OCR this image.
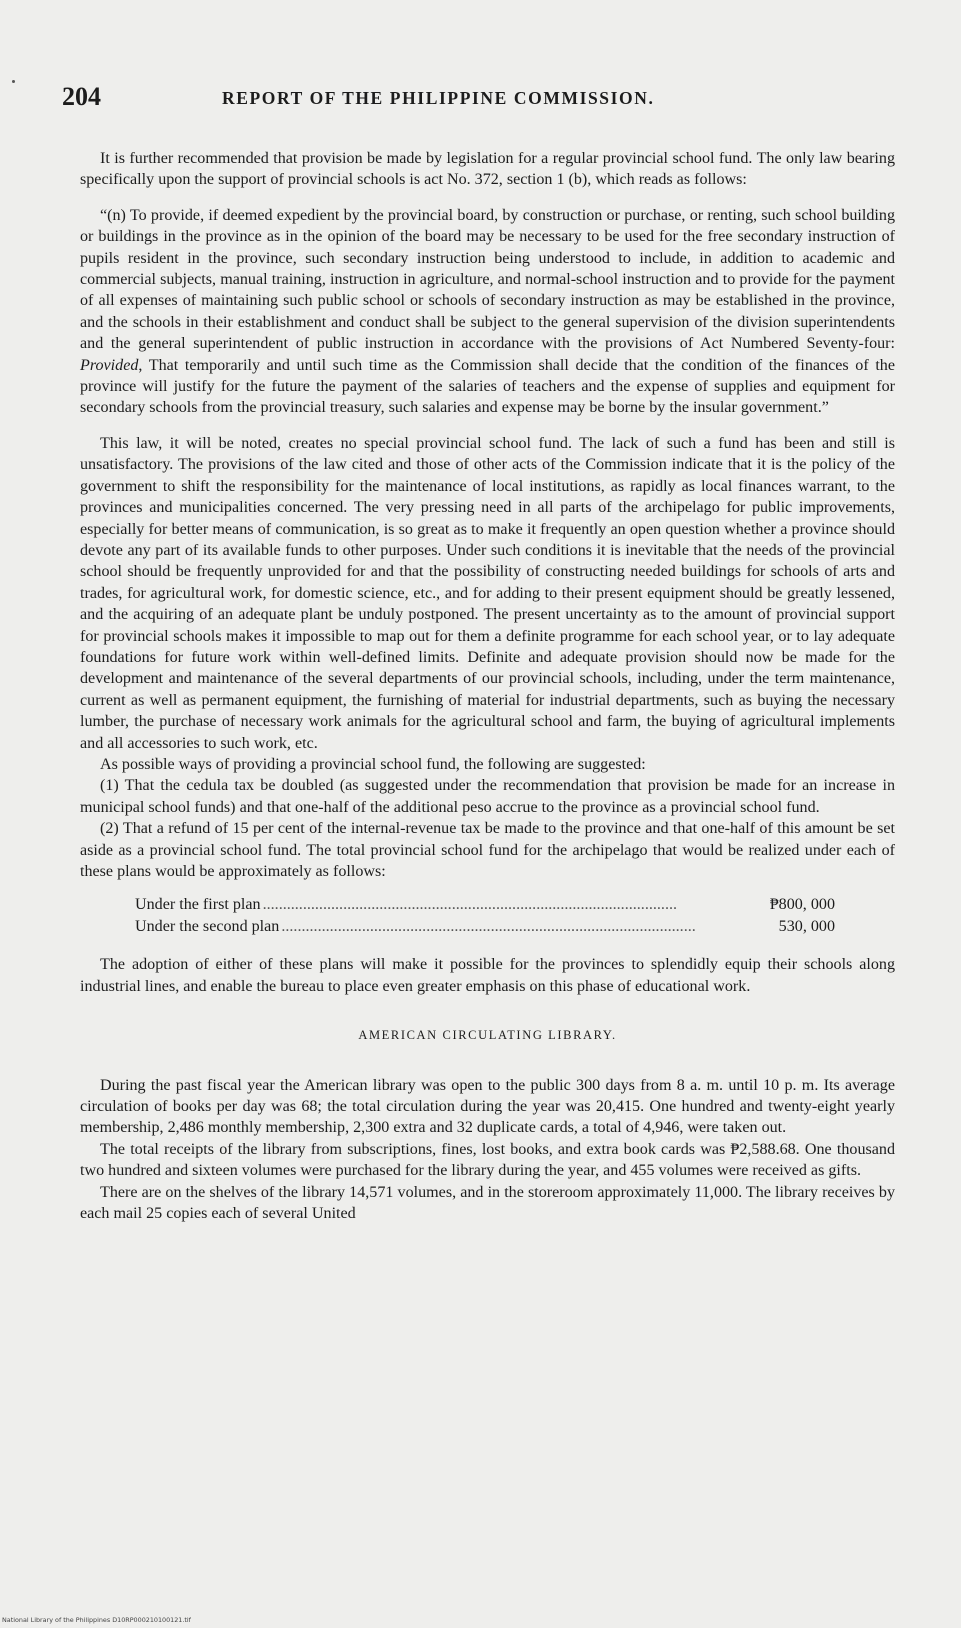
204	REPORT OF THE PHILIPPINE COMMISSION.

It is further recommended that provision be made by legislation for a regular provincial school fund. The only law bearing specifically upon the support of provincial schools is act No. 372, section 1 (b), which reads as follows:

“(n) To provide, if deemed expedient by the provincial board, by construction or purchase, or renting, such school building or buildings in the province as in the opinion of the board may be necessary to be used for the free secondary instruction of pupils resident in the province, such secondary instruction being understood to include, in addition to academic and commercial subjects, manual training, instruction in agriculture, and normal-school instruction and to provide for the payment of all expenses of maintaining such public school or schools of secondary instruction as may be established in the province, and the schools in their establishment and conduct shall be subject to the general supervision of the division superintendents and the general superintendent of public instruction in accordance with the provisions of Act Numbered Seventy-four: Provided, That temporarily and until such time as the Commission shall decide that the condition of the finances of the province will justify for the future the payment of the salaries of teachers and the expense of supplies and equipment for secondary schools from the provincial treasury, such salaries and expense may be borne by the insular government.”

This law, it will be noted, creates no special provincial school fund. The lack of such a fund has been and still is unsatisfactory. The provisions of the law cited and those of other acts of the Commission indicate that it is the policy of the government to shift the responsibility for the maintenance of local institutions, as rapidly as local finances warrant, to the provinces and municipalities concerned. The very pressing need in all parts of the archipelago for public improvements, especially for better means of communication, is so great as to make it frequently an open question whether a province should devote any part of its available funds to other purposes. Under such conditions it is inevitable that the needs of the provincial school should be frequently unprovided for and that the possibility of constructing needed buildings for schools of arts and trades, for agricultural work, for domestic science, etc., and for adding to their present equipment should be greatly lessened, and the acquiring of an adequate plant be unduly postponed. The present uncertainty as to the amount of provincial support for provincial schools makes it impossible to map out for them a definite programme for each school year, or to lay adequate foundations for future work within well-defined limits. Definite and adequate provision should now be made for the development and maintenance of the several departments of our provincial schools, including, under the term maintenance, current as well as permanent equipment, the furnishing of material for industrial departments, such as buying the necessary lumber, the purchase of necessary work animals for the agricultural school and farm, the buying of agricultural implements and all accessories to such work, etc.

As possible ways of providing a provincial school fund, the following are suggested:

(1) That the cedula tax be doubled (as suggested under the recommendation that provision be made for an increase in municipal school funds) and that one-half of the additional peso accrue to the province as a provincial school fund.

(2) That a refund of 15 per cent of the internal-revenue tax be made to the province and that one-half of this amount be set aside as a provincial school fund. The total provincial school fund for the archipelago that would be realized under each of these plans would be approximately as follows:

Under the first plan .......................................................................................................	₱800, 000
Under the second plan .......................................................................................................	530, 000

The adoption of either of these plans will make it possible for the provinces to splendidly equip their schools along industrial lines, and enable the bureau to place even greater emphasis on this phase of educational work.

AMERICAN CIRCULATING LIBRARY.

During the past fiscal year the American library was open to the public 300 days from 8 a. m. until 10 p. m. Its average circulation of books per day was 68; the total circulation during the year was 20,415. One hundred and twenty-eight yearly membership, 2,486 monthly membership, 2,300 extra and 32 duplicate cards, a total of 4,946, were taken out.

The total receipts of the library from subscriptions, fines, lost books, and extra book cards was ₱2,588.68. One thousand two hundred and sixteen volumes were purchased for the library during the year, and 455 volumes were received as gifts.

There are on the shelves of the library 14,571 volumes, and in the storeroom approximately 11,000. The library receives by each mail 25 copies each of several United

National Library of the Philippines D10RP000210100121.tif
